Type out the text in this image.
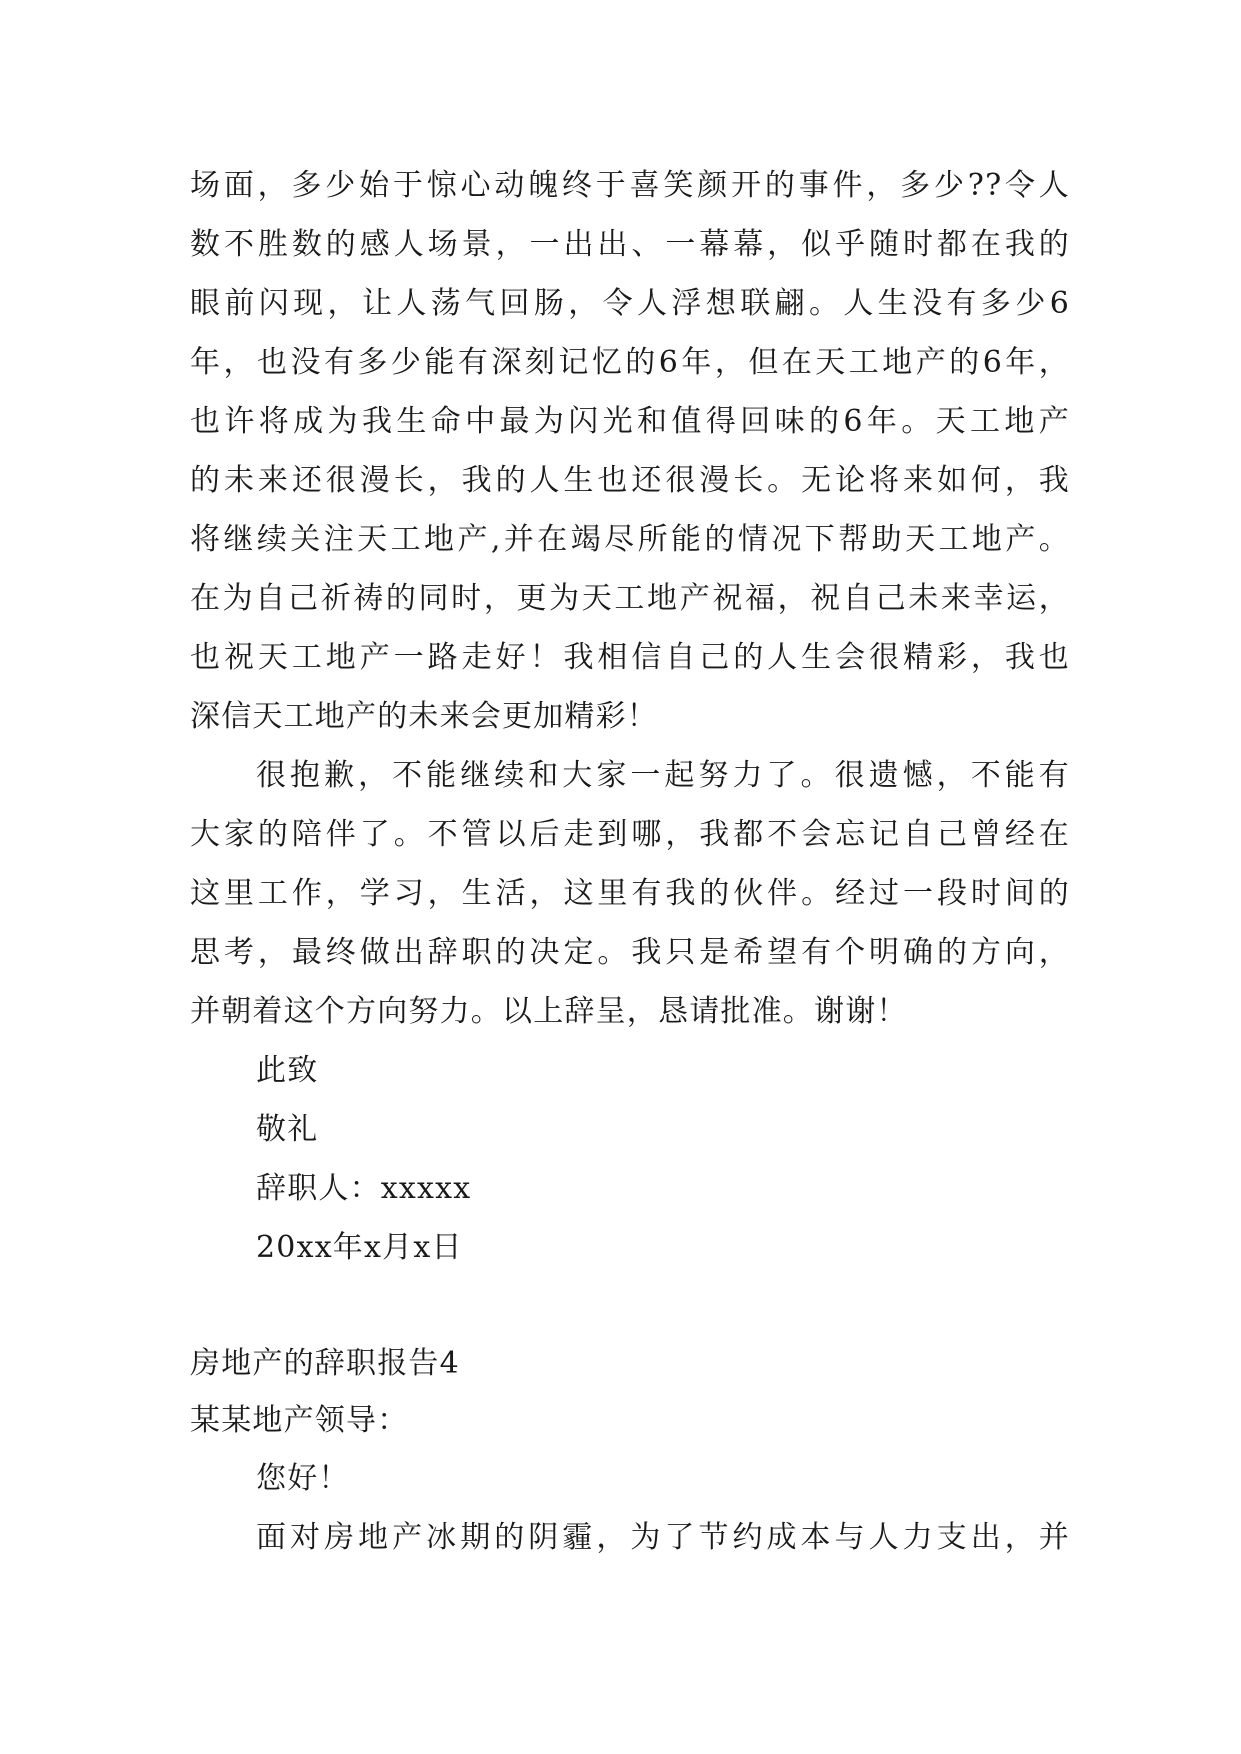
场面，多少始于惊心动魄终于喜笑颜开的事件，多少??令人
数不胜数的感人场景，一出出、一幕幕，似乎随时都在我的
眼前闪现，让人荡气回肠，令人浮想联翩。人生没有多少6
年，也没有多少能有深刻记忆的6年，但在天工地产的6年，
也许将成为我生命中最为闪光和值得回味的6年。天工地产
的未来还很漫长，我的人生也还很漫长。无论将来如何，我
将继续关注天工地产,并在竭尽所能的情况下帮助天工地产。
在为自己祈祷的同时，更为天工地产祝福，祝自己未来幸运，
也祝天工地产一路走好！我相信自己的人生会很精彩，我也
深信天工地产的未来会更加精彩！
很抱歉，不能继续和大家一起努力了。很遗憾，不能有
大家的陪伴了。不管以后走到哪，我都不会忘记自己曾经在
这里工作，学习，生活，这里有我的伙伴。经过一段时间的
思考，最终做出辞职的决定。我只是希望有个明确的方向，
并朝着这个方向努力。以上辞呈，恳请批准。谢谢！
此致
敬礼
辞职人：xxxxx
20xx年x月x日
房地产的辞职报告4
某某地产领导：
您好！
面对房地产冰期的阴霾，为了节约成本与人力支出，并
